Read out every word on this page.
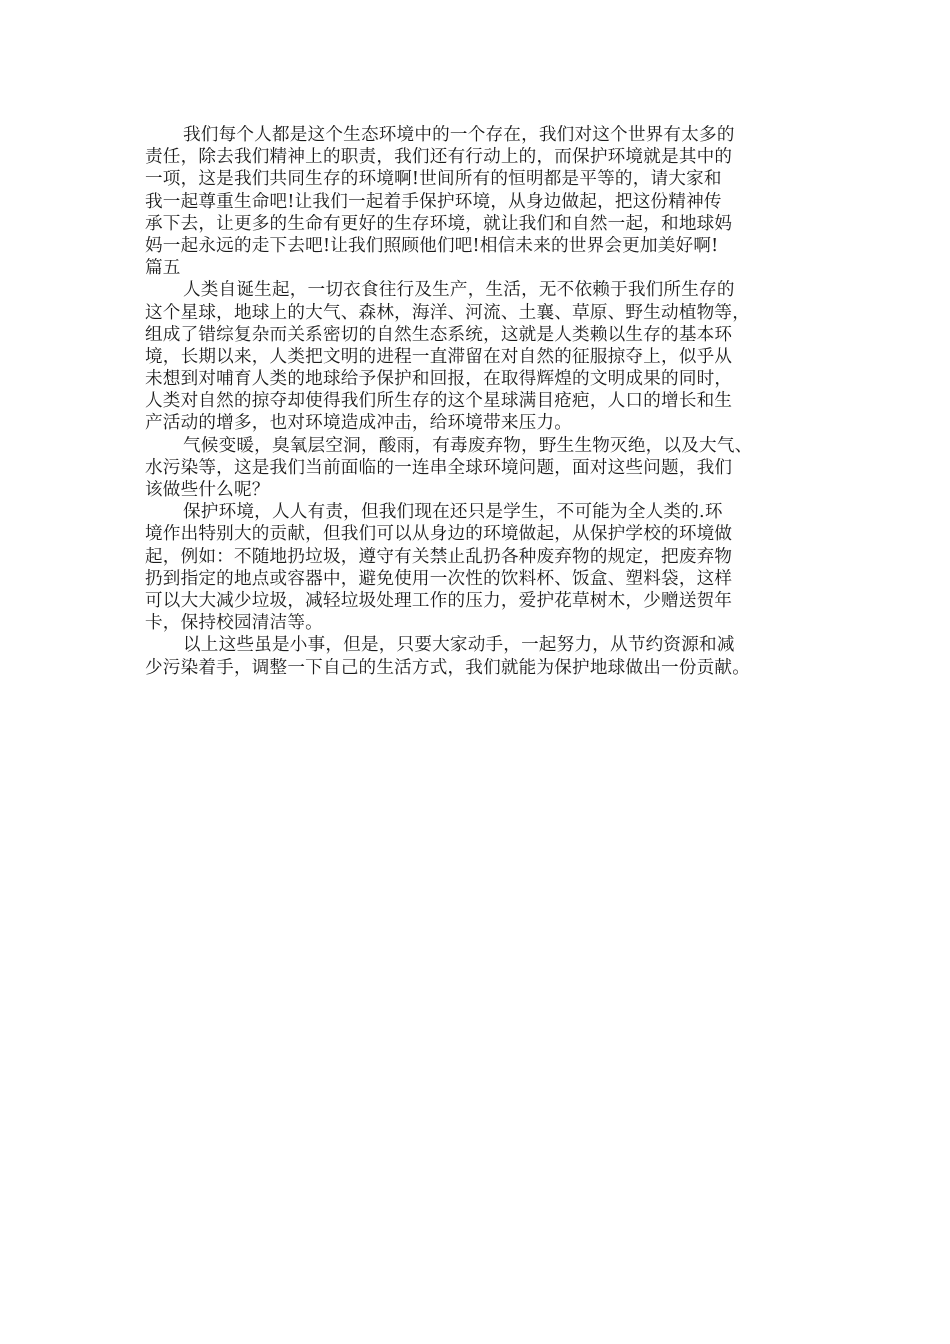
我们每个人都是这个生态环境中的一个存在，我们对这个世界有太多的
责任，除去我们精神上的职责，我们还有行动上的，而保护环境就是其中的
一项，这是我们共同生存的环境啊!世间所有的恒明都是平等的，请大家和
我一起尊重生命吧!让我们一起着手保护环境，从身边做起，把这份精神传
承下去，让更多的生命有更好的生存环境，就让我们和自然一起，和地球妈
妈一起永远的走下去吧!让我们照顾他们吧!相信未来的世界会更加美好啊!
篇五
人类自诞生起，一切衣食往行及生产，生活，无不依赖于我们所生存的
这个星球，地球上的大气、森林，海洋、河流、土襄、草原、野生动植物等，
组成了错综复杂而关系密切的自然生态系统，这就是人类赖以生存的基本环
境，长期以来，人类把文明的进程一直滞留在对自然的征服掠夺上，似乎从
未想到对哺育人类的地球给予保护和回报，在取得辉煌的文明成果的同时，
人类对自然的掠夺却使得我们所生存的这个星球满目疮疤，人口的增长和生
产活动的增多，也对环境造成冲击，给环境带来压力。
气候变暖，臭氧层空洞，酸雨，有毒废弃物，野生生物灭绝，以及大气、
水污染等，这是我们当前面临的一连串全球环境问题，面对这些问题，我们
该做些什么呢？
保护环境，人人有责，但我们现在还只是学生，不可能为全人类的.环
境作出特别大的贡献，但我们可以从身边的环境做起，从保护学校的环境做
起，例如：不随地扔垃圾，遵守有关禁止乱扔各种废弃物的规定，把废弃物
扔到指定的地点或容器中，避免使用一次性的饮料杯、饭盒、塑料袋，这样
可以大大减少垃圾，减轻垃圾处理工作的压力，爱护花草树木，少赠送贺年
卡，保持校园清洁等。
以上这些虽是小事，但是，只要大家动手，一起努力，从节约资源和减
少污染着手，调整一下自己的生活方式，我们就能为保护地球做出一份贡献。
